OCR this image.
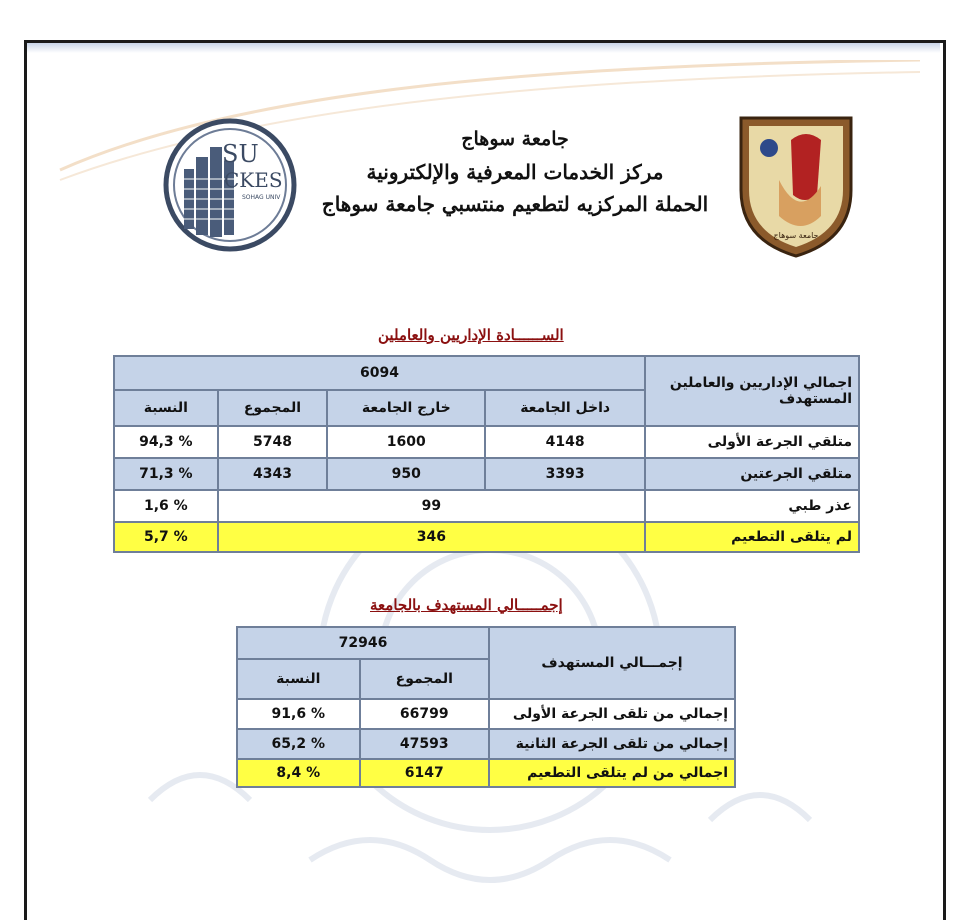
SU
CKES
SOHAG UNIV
جامعة سوهاج
جامعة سوهاج
مركز الخدمات المعرفية والإلكترونية
الحملة المركزيه لتطعيم منتسبي جامعة سوهاج
الســــــادة الإداريين والعاملين
اجمالي الإداريين والعاملين المستهدف	6094			
	داخل الجامعة	خارج الجامعة	المجموع	النسبة
متلقي الجرعة الأولى	4148	1600	5748	% 94,3
متلقي الجرعتين	3393	950	4343	% 71,3
عذر طبي	99			% 1,6
لم يتلقى التطعيم	346			% 5,7
إجمـــــالي المستهدف بالجامعة
إجمـــالي المستهدف	72946	
	المجموع	النسبة
إجمالي من تلقى الجرعة الأولى	66799	% 91,6
إجمالي من تلقى الجرعة الثانية	47593	% 65,2
اجمالي من لم يتلقى التطعيم	6147	% 8,4
